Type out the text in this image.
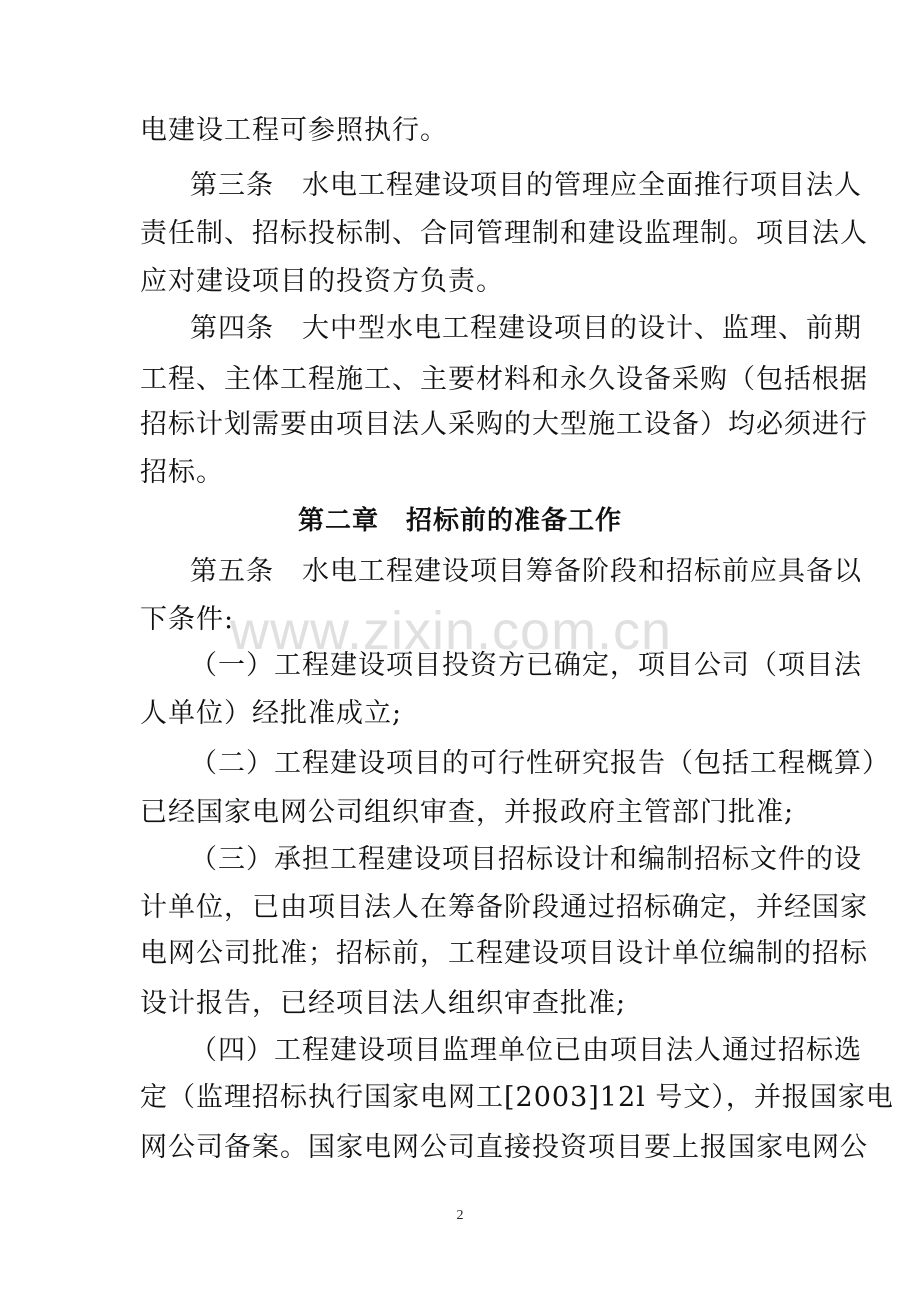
电建设工程可参照执行。
第三条　水电工程建设项目的管理应全面推行项目法人
责任制、招标投标制、合同管理制和建设监理制。项目法人
应对建设项目的投资方负责。
第四条　大中型水电工程建设项目的设计、监理、前期
工程、主体工程施工、主要材料和永久设备采购（包括根据
招标计划需要由项目法人采购的大型施工设备）均必须进行
招标。
第二章　招标前的准备工作
第五条　水电工程建设项目筹备阶段和招标前应具备以
下条件:
（一）工程建设项目投资方已确定，项目公司（项目法
人单位）经批准成立;
（二）工程建设项目的可行性研究报告（包括工程概算）
已经国家电网公司组织审查，并报政府主管部门批准;
（三）承担工程建设项目招标设计和编制招标文件的设
计单位，已由项目法人在筹备阶段通过招标确定，并经国家
电网公司批准；招标前，工程建设项目设计单位编制的招标
设计报告，已经项目法人组织审查批准;
（四）工程建设项目监理单位已由项目法人通过招标选
定（监理招标执行国家电网工[2003]12l 号文），并报国家电
网公司备案。国家电网公司直接投资项目要上报国家电网公
www.zixin.com.cn
2
